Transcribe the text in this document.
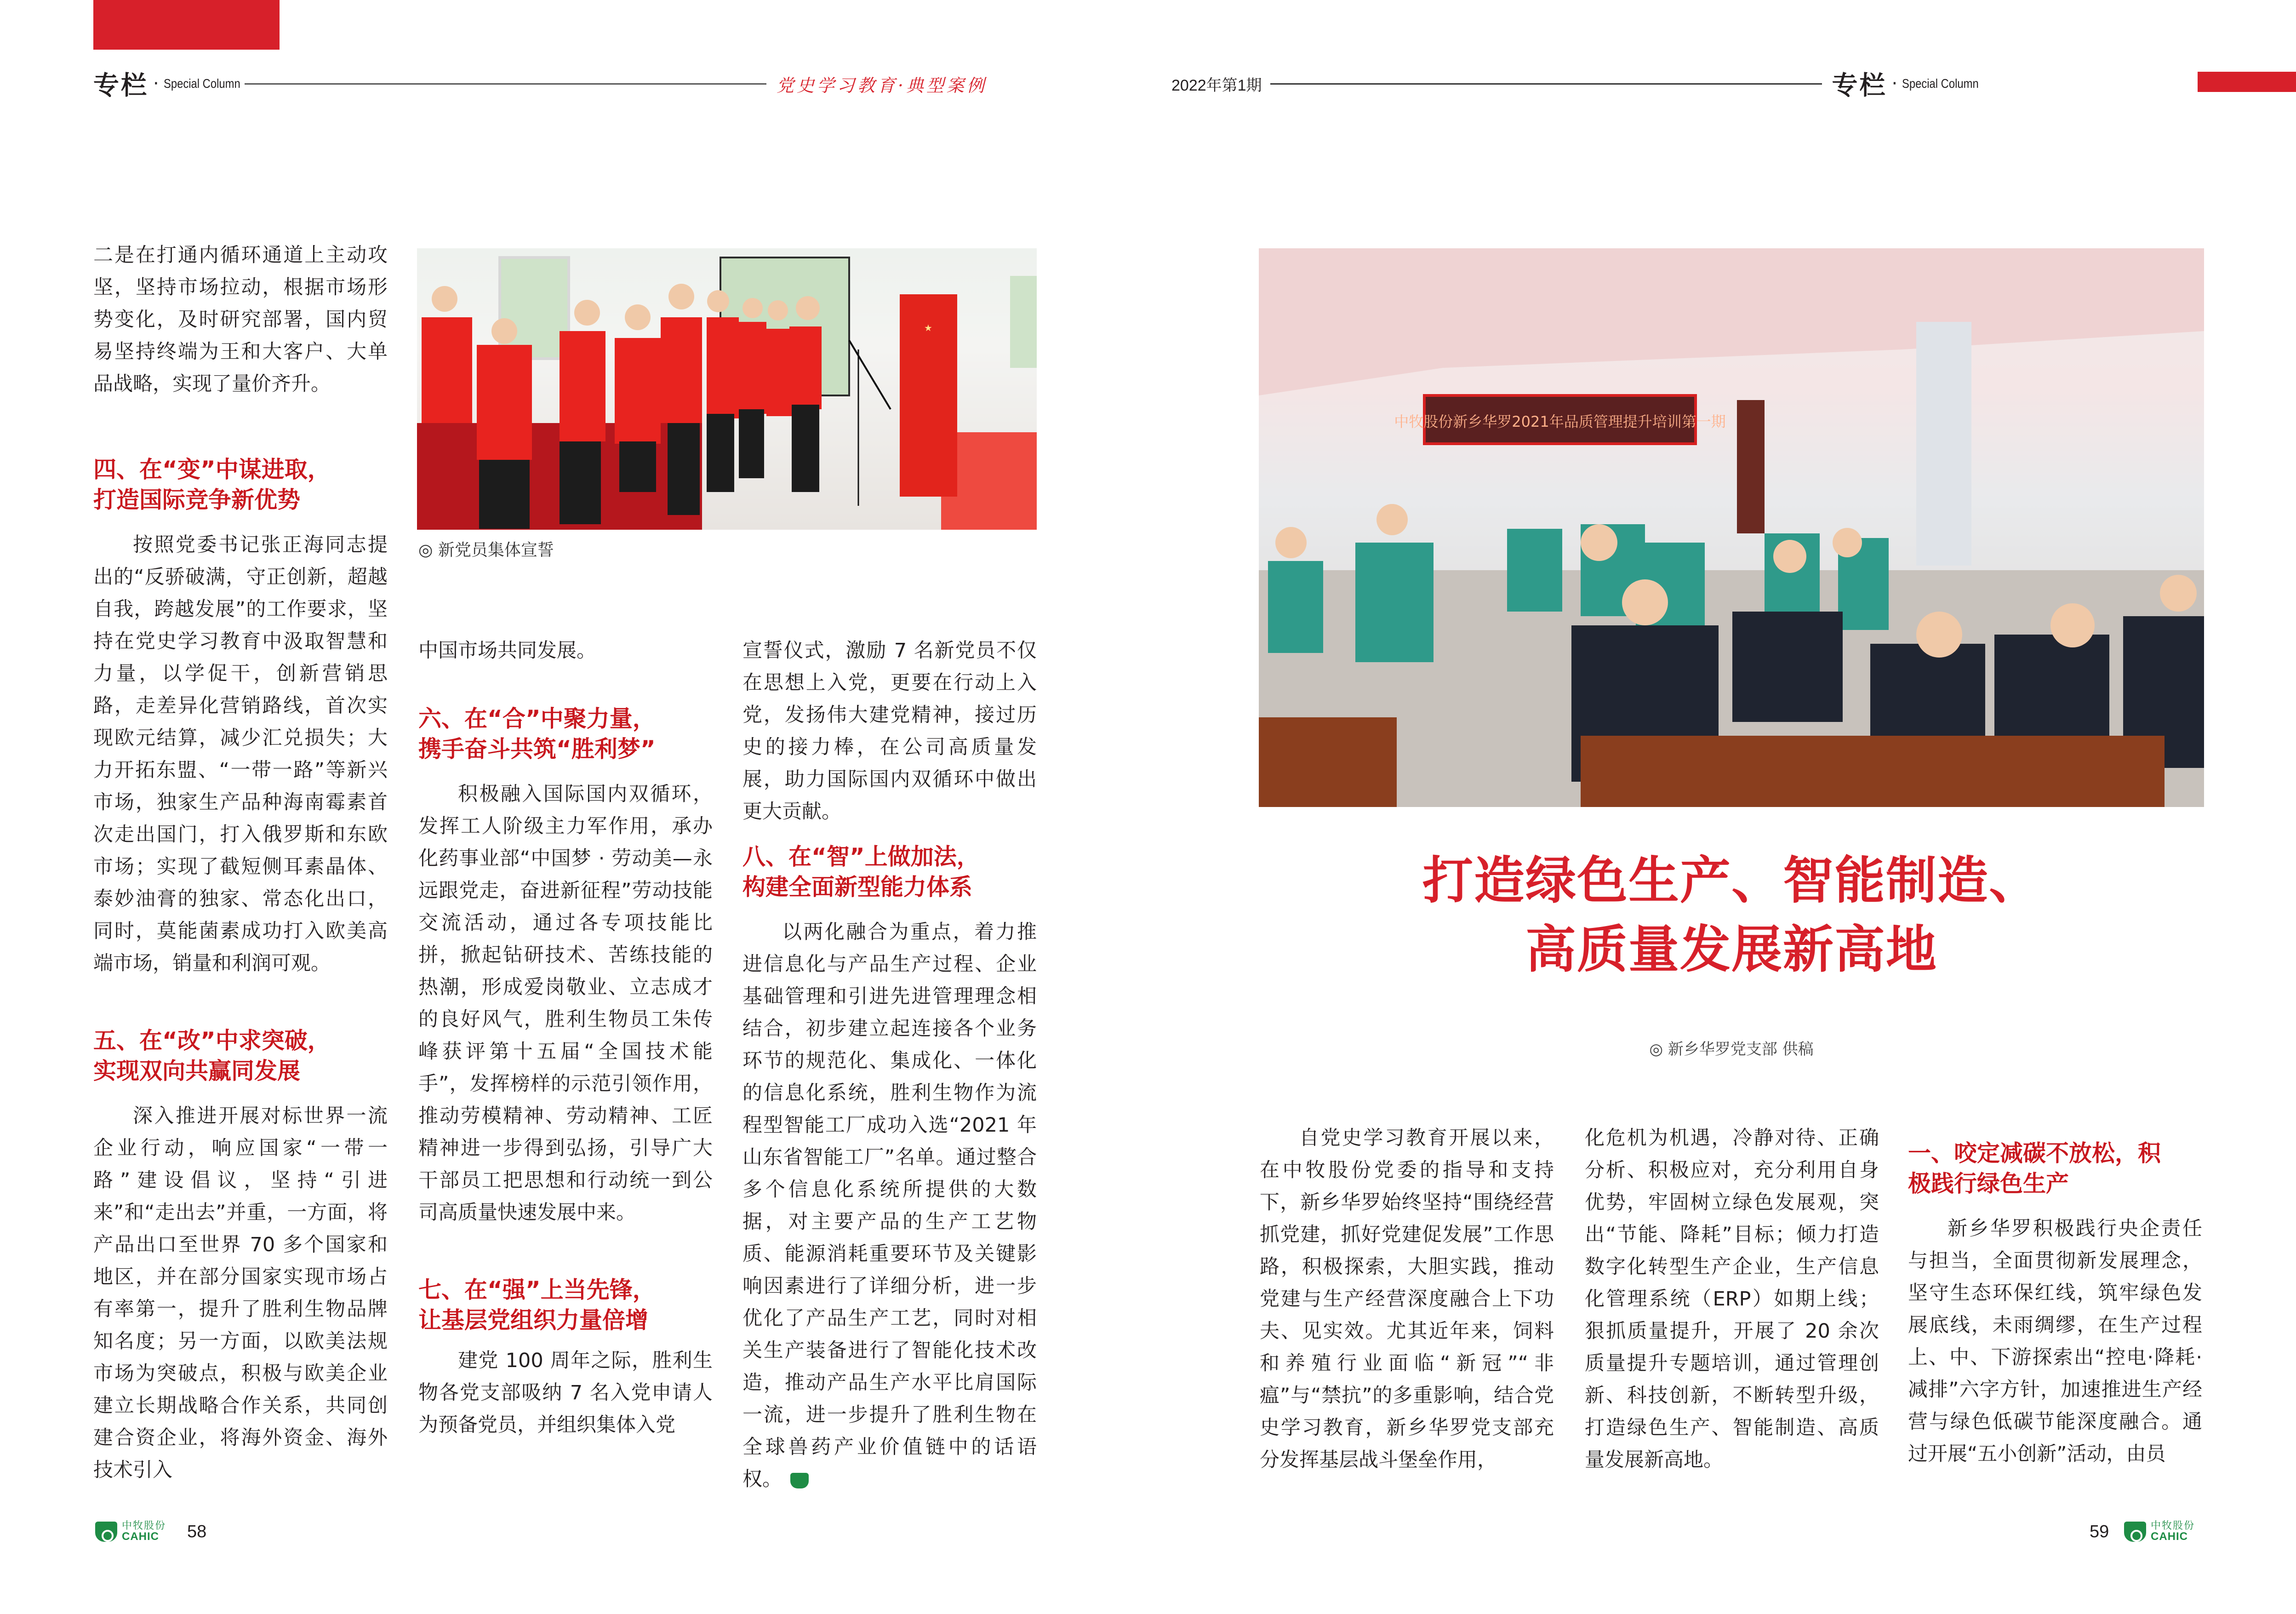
专栏 · Special Column	党史学习教育·典型案例	2022年第1期	专栏 · Special Column
★
◎ 新党员集体宣誓

二是在打通内循环通道上主动攻坚，坚持市场拉动，根据市场形势变化，及时研究部署，国内贸易坚持终端为王和大客户、大单品战略，实现了量价齐升。

四、在“变”中谋进取，
打造国际竞争新优势

按照党委书记张正海同志提出的“反骄破满，守正创新，超越自我，跨越发展”的工作要求，坚持在党史学习教育中汲取智慧和力量，以学促干，创新营销思路，走差异化营销路线，首次实现欧元结算，减少汇兑损失；大力开拓东盟、“一带一路”等新兴市场，独家生产品种海南霉素首次走出国门，打入俄罗斯和东欧市场；实现了截短侧耳素晶体、泰妙油膏的独家、常态化出口，同时，莫能菌素成功打入欧美高端市场，销量和利润可观。

五、在“改”中求突破，
实现双向共赢同发展

深入推进开展对标世界一流企业行动，响应国家“一带一路”建设倡议，坚持“引进来”和“走出去”并重，一方面，将产品出口至世界 70 多个国家和地区，并在部分国家实现市场占有率第一，提升了胜利生物品牌知名度；另一方面，以欧美法规市场为突破点，积极与欧美企业建立长期战略合作关系，共同创建合资企业，将海外资金、海外技术引入

中国市场共同发展。

六、在“合”中聚力量，
携手奋斗共筑“胜利梦”

积极融入国际国内双循环，发挥工人阶级主力军作用，承办化药事业部“中国梦 · 劳动美—永远跟党走，奋进新征程”劳动技能交流活动，通过各专项技能比拼，掀起钻研技术、苦练技能的热潮，形成爱岗敬业、立志成才的良好风气，胜利生物员工朱传峰获评第十五届“全国技术能手”，发挥榜样的示范引领作用，推动劳模精神、劳动精神、工匠精神进一步得到弘扬，引导广大干部员工把思想和行动统一到公司高质量快速发展中来。

七、在“强”上当先锋，
让基层党组织力量倍增

建党 100 周年之际，胜利生物各党支部吸纳 7 名入党申请人为预备党员，并组织集体入党

宣誓仪式，激励 7 名新党员不仅在思想上入党，更要在行动上入党，发扬伟大建党精神，接过历史的接力棒，在公司高质量发展，助力国际国内双循环中做出更大贡献。

八、在“智”上做加法，
构建全面新型能力体系

以两化融合为重点，着力推进信息化与产品生产过程、企业基础管理和引进先进管理理念相结合，初步建立起连接各个业务环节的规范化、集成化、一体化的信息化系统，胜利生物作为流程型智能工厂成功入选“2021 年山东省智能工厂”名单。通过整合多个信息化系统所提供的大数据，对主要产品的生产工艺物质、能源消耗重要环节及关键影响因素进行了详细分析，进一步优化了产品生产工艺，同时对相关生产装备进行了智能化技术改造，推动产品生产水平比肩国际一流，进一步提升了胜利生物在全球兽药产业价值链中的话语权。

中牧股份
CAHIC	58
中牧股份新乡华罗2021年品质管理提升培训第一期
打造绿色生产、智能制造、
高质量发展新高地
◎ 新乡华罗党支部 供稿

自党史学习教育开展以来，在中牧股份党委的指导和支持下，新乡华罗始终坚持“围绕经营抓党建，抓好党建促发展”工作思路，积极探索，大胆实践，推动党建与生产经营深度融合上下功夫、见实效。尤其近年来，饲料和养殖行业面临“新冠”“非瘟”与“禁抗”的多重影响，结合党史学习教育，新乡华罗党支部充分发挥基层战斗堡垒作用，

化危机为机遇，冷静对待、正确分析、积极应对，充分利用自身优势，牢固树立绿色发展观，突出“节能、降耗”目标；倾力打造数字化转型生产企业，生产信息化管理系统（ERP）如期上线；狠抓质量提升，开展了 20 余次质量提升专题培训，通过管理创新、科技创新，不断转型升级，打造绿色生产、智能制造、高质量发展新高地。

一、咬定减碳不放松，积
极践行绿色生产

新乡华罗积极践行央企责任与担当，全面贯彻新发展理念，坚守生态环保红线，筑牢绿色发展底线，未雨绸缪，在生产过程上、中、下游探索出“控电·降耗·减排”六字方针，加速推进生产经营与绿色低碳节能深度融合。通过开展“五小创新”活动，由员

59	中牧股份
CAHIC
